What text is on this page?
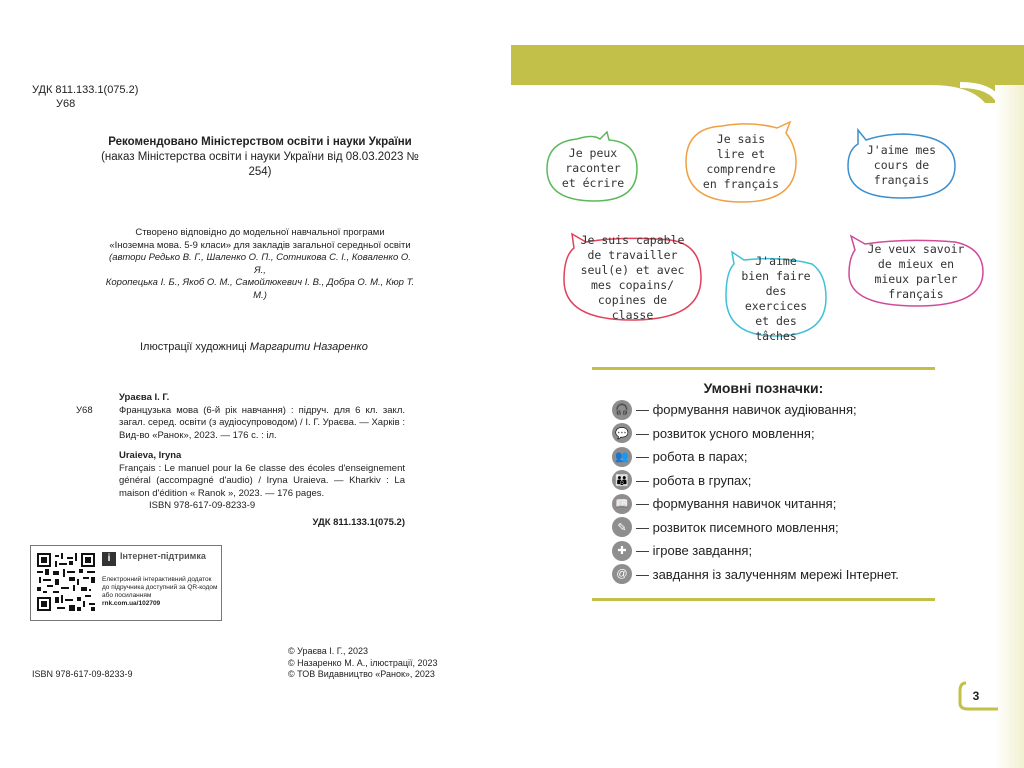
УДК 811.133.1(075.2)
У68
Рекомендовано Міністерством освіти і науки України
(наказ Міністерства освіти і науки України від 08.03.2023 № 254)
Створено відповідно до модельної навчальної програми
«Іноземна мова. 5-9 класи» для закладів загальної середньої освіти
(автори Редько В. Г., Шаленко О. П., Сотникова С. І., Коваленко О. Я.,
Коропецька І. Б., Якоб О. М., Самойлюкевич І. В., Добра О. М., Кюр Т. М.)
Ілюстрації художниці Маргарити Назаренко
Ураєва І. Г.
У68	Французька мова (6-й рік навчання) : підруч. для 6 кл. закл. загал. серед. освіти (з аудіосупроводом) / І. Г. Ураєва. — Харків : Вид-во «Ранок», 2023. — 176 с. : іл.
Uraieva, Iryna
Français : Le manuel pour la 6e classe des écoles d'enseignement général (accompagné d'audio) / Iryna Uraieva. — Kharkiv : La maison d'édition « Ranok », 2023. — 176 pages.
ISBN 978-617-09-8233-9
УДК 811.133.1(075.2)
i	Інтернет-підтримка
Електронний інтерактивний додаток до підручника доступний за QR-кодом або посиланням
rnk.com.ua/102709
ISBN 978-617-09-8233-9
© Ураєва І. Г., 2023
© Назаренко М. А., ілюстрації, 2023
© ТОВ Видавництво «Ранок», 2023
Je peux raconter et écrire
Je sais lire et comprendre en français
J'aime mes cours de français
Je suis capable de travailler seul(e) et avec mes copains/ copines de classe
J'aime bien faire des exercices et des tâches
Je veux savoir de mieux en mieux parler français
Умовні позначки:
🎧 — формування навичок аудіювання;
💬 — розвиток усного мовлення;
👥 — робота в парах;
👪 — робота в групах;
📖 — формування навичок читання;
✎ — розвиток писемного мовлення;
✚ — ігрове завдання;
@ — завдання із залученням мережі Інтернет.
3
